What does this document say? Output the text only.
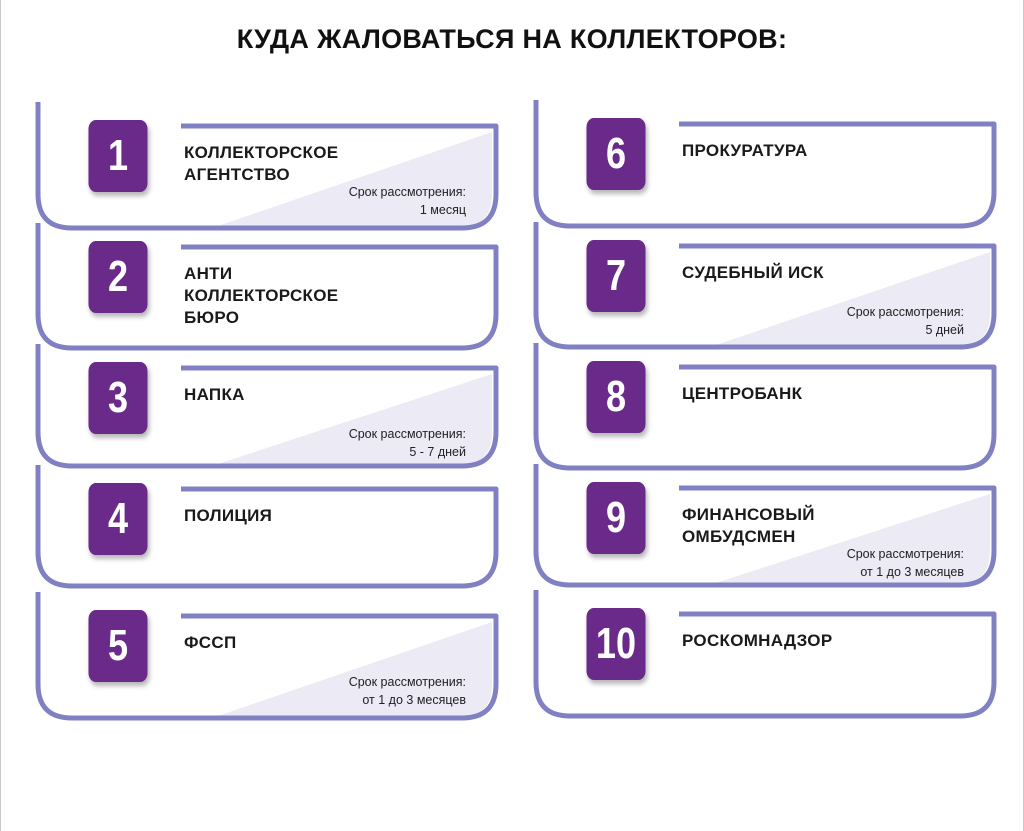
КУДА ЖАЛОВАТЬСЯ НА КОЛЛЕКТОРОВ:
1	КОЛЛЕКТОРСКОЕ АГЕНТСТВО
Срок рассмотрения:
1 месяц
2	АНТИ КОЛЛЕКТОРСКОЕ БЮРО
3	НАПКА
Срок рассмотрения:
5 - 7 дней
4	ПОЛИЦИЯ
5	ФССП
Срок рассмотрения:
от 1 до 3 месяцев
6	ПРОКУРАТУРА
7	СУДЕБНЫЙ ИСК
Срок рассмотрения:
5 дней
8	ЦЕНТРОБАНК
9	ФИНАНСОВЫЙ ОМБУДСМЕН
Срок рассмотрения:
от 1 до 3 месяцев
10	РОСКОМНАДЗОР
